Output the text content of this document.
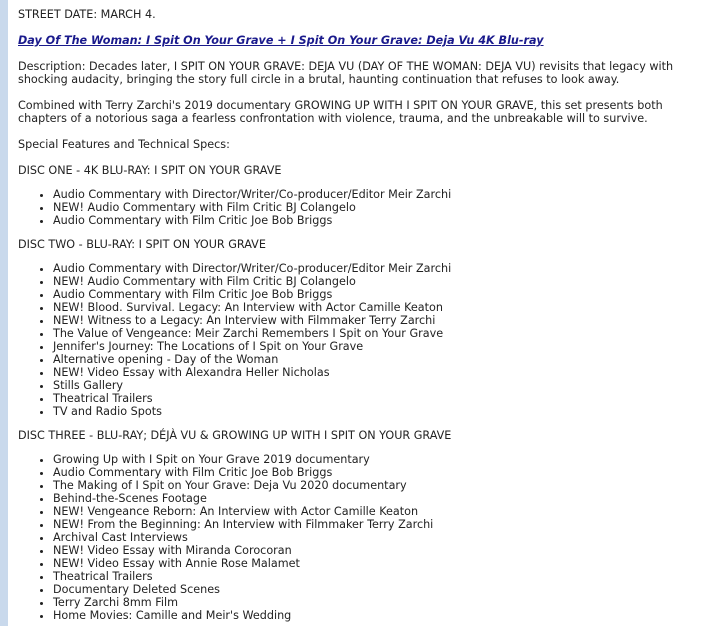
STREET DATE: MARCH 4.

Day Of The Woman: I Spit On Your Grave + I Spit On Your Grave: Deja Vu 4K Blu-ray

Description: Decades later, I SPIT ON YOUR GRAVE: DEJA VU (DAY OF THE WOMAN: DEJA VU) revisits that legacy with shocking audacity, bringing the story full circle in a brutal, haunting continuation that refuses to look away.

Combined with Terry Zarchi's 2019 documentary GROWING UP WITH I SPIT ON YOUR GRAVE, this set presents both chapters of a notorious saga a fearless confrontation with violence, trauma, and the unbreakable will to survive.

Special Features and Technical Specs:

DISC ONE - 4K BLU-RAY: I SPIT ON YOUR GRAVE
• Audio Commentary with Director/Writer/Co-producer/Editor Meir Zarchi
• NEW! Audio Commentary with Film Critic BJ Colangelo
• Audio Commentary with Film Critic Joe Bob Briggs
DISC TWO - BLU-RAY: I SPIT ON YOUR GRAVE
• Audio Commentary with Director/Writer/Co-producer/Editor Meir Zarchi
• NEW! Audio Commentary with Film Critic BJ Colangelo
• Audio Commentary with Film Critic Joe Bob Briggs
• NEW! Blood. Survival. Legacy: An Interview with Actor Camille Keaton
• NEW! Witness to a Legacy: An Interview with Filmmaker Terry Zarchi
• The Value of Vengeance: Meir Zarchi Remembers I Spit on Your Grave
• Jennifer's Journey: The Locations of I Spit on Your Grave
• Alternative opening - Day of the Woman
• NEW! Video Essay with Alexandra Heller Nicholas
• Stills Gallery
• Theatrical Trailers
• TV and Radio Spots
DISC THREE - BLU-RAY; DÉJÀ VU & GROWING UP WITH I SPIT ON YOUR GRAVE
• Growing Up with I Spit on Your Grave 2019 documentary
• Audio Commentary with Film Critic Joe Bob Briggs
• The Making of I Spit on Your Grave: Deja Vu 2020 documentary
• Behind-the-Scenes Footage
• NEW! Vengeance Reborn: An Interview with Actor Camille Keaton
• NEW! From the Beginning: An Interview with Filmmaker Terry Zarchi
• Archival Cast Interviews
• NEW! Video Essay with Miranda Corocoran
• NEW! Video Essay with Annie Rose Malamet
• Theatrical Trailers
• Documentary Deleted Scenes
• Terry Zarchi 8mm Film
• Home Movies: Camille and Meir's Wedding
